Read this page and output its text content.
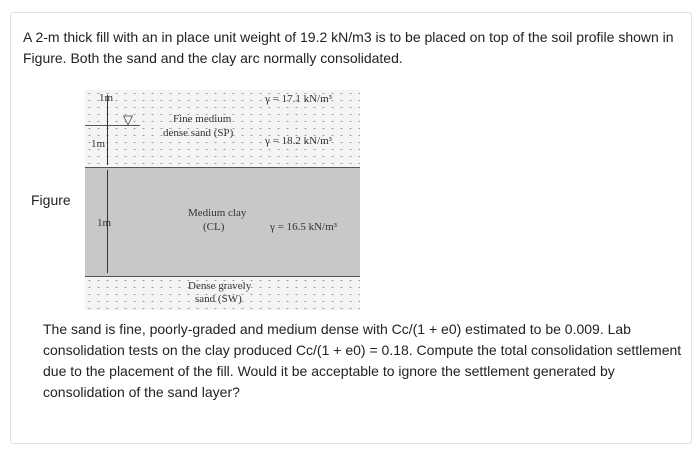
A 2-m thick fill with an in place unit weight of 19.2 kN/m3 is to be placed on top of the soil profile shown in Figure. Both the sand and the clay arc normally consolidated.
Figure
▽
1m
1m
1m
Fine medium
dense sand (SP)
γ = 17.1 kN/m³
γ = 18.2 kN/m³
Medium clay
(CL)	γ = 16.5 kN/m³
Dense gravely
sand (SW)
The sand is fine, poorly-graded and medium dense with Cc/(1 + e0) estimated to be 0.009. Lab consolidation tests on the clay produced Cc/(1 + e0) = 0.18. Compute the total consolidation settlement due to the placement of the fill. Would it be acceptable to ignore the settlement generated by consolidation of the sand layer?
